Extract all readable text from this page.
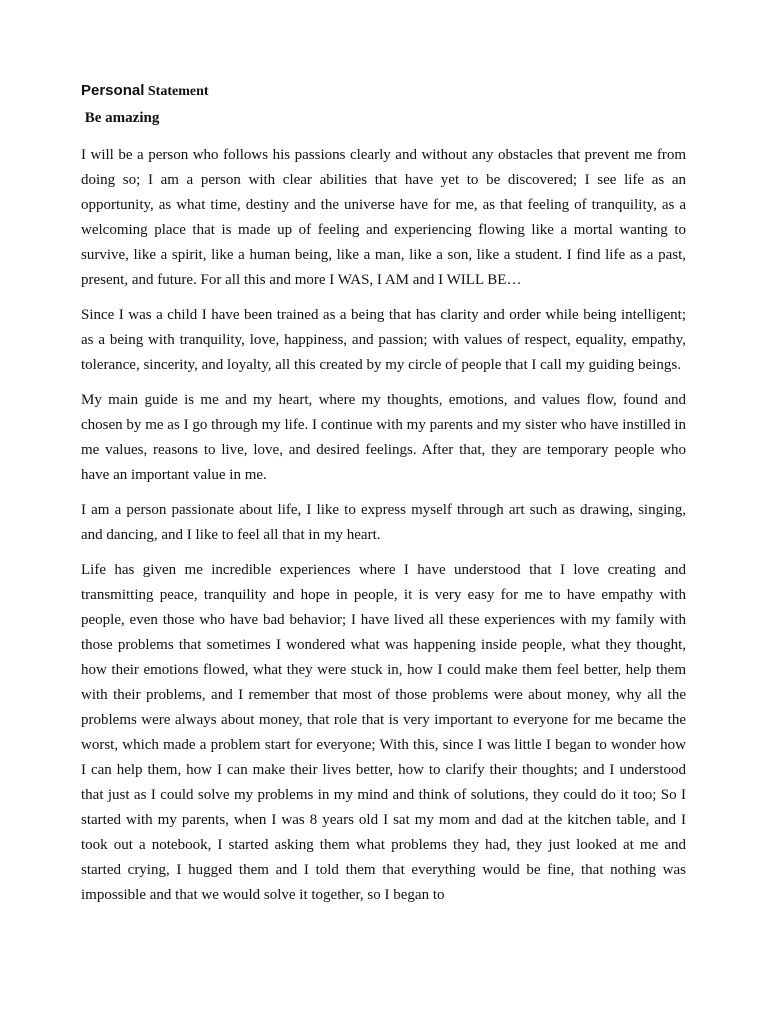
Personal Statement
Be amazing

I will be a person who follows his passions clearly and without any obstacles that prevent me from doing so; I am a person with clear abilities that have yet to be discovered; I see life as an opportunity, as what time, destiny and the universe have for me, as that feeling of tranquility, as a welcoming place that is made up of feeling and experiencing flowing like a mortal wanting to survive, like a spirit, like a human being, like a man, like a son, like a student. I find life as a past, present, and future. For all this and more I WAS, I AM and I WILL BE…

Since I was a child I have been trained as a being that has clarity and order while being intelligent; as a being with tranquility, love, happiness, and passion; with values of respect, equality, empathy, tolerance, sincerity, and loyalty, all this created by my circle of people that I call my guiding beings.

My main guide is me and my heart, where my thoughts, emotions, and values flow, found and chosen by me as I go through my life. I continue with my parents and my sister who have instilled in me values, reasons to live, love, and desired feelings. After that, they are temporary people who have an important value in me.

I am a person passionate about life, I like to express myself through art such as drawing, singing, and dancing, and I like to feel all that in my heart.

Life has given me incredible experiences where I have understood that I love creating and transmitting peace, tranquility and hope in people, it is very easy for me to have empathy with people, even those who have bad behavior; I have lived all these experiences with my family with those problems that sometimes I wondered what was happening inside people, what they thought, how their emotions flowed, what they were stuck in, how I could make them feel better, help them with their problems, and I remember that most of those problems were about money, why all the problems were always about money, that role that is very important to everyone for me became the worst, which made a problem start for everyone; With this, since I was little I began to wonder how I can help them, how I can make their lives better, how to clarify their thoughts; and I understood that just as I could solve my problems in my mind and think of solutions, they could do it too; So I started with my parents, when I was 8 years old I sat my mom and dad at the kitchen table, and I took out a notebook, I started asking them what problems they had, they just looked at me and started crying, I hugged them and I told them that everything would be fine, that nothing was impossible and that we would solve it together, so I began to
